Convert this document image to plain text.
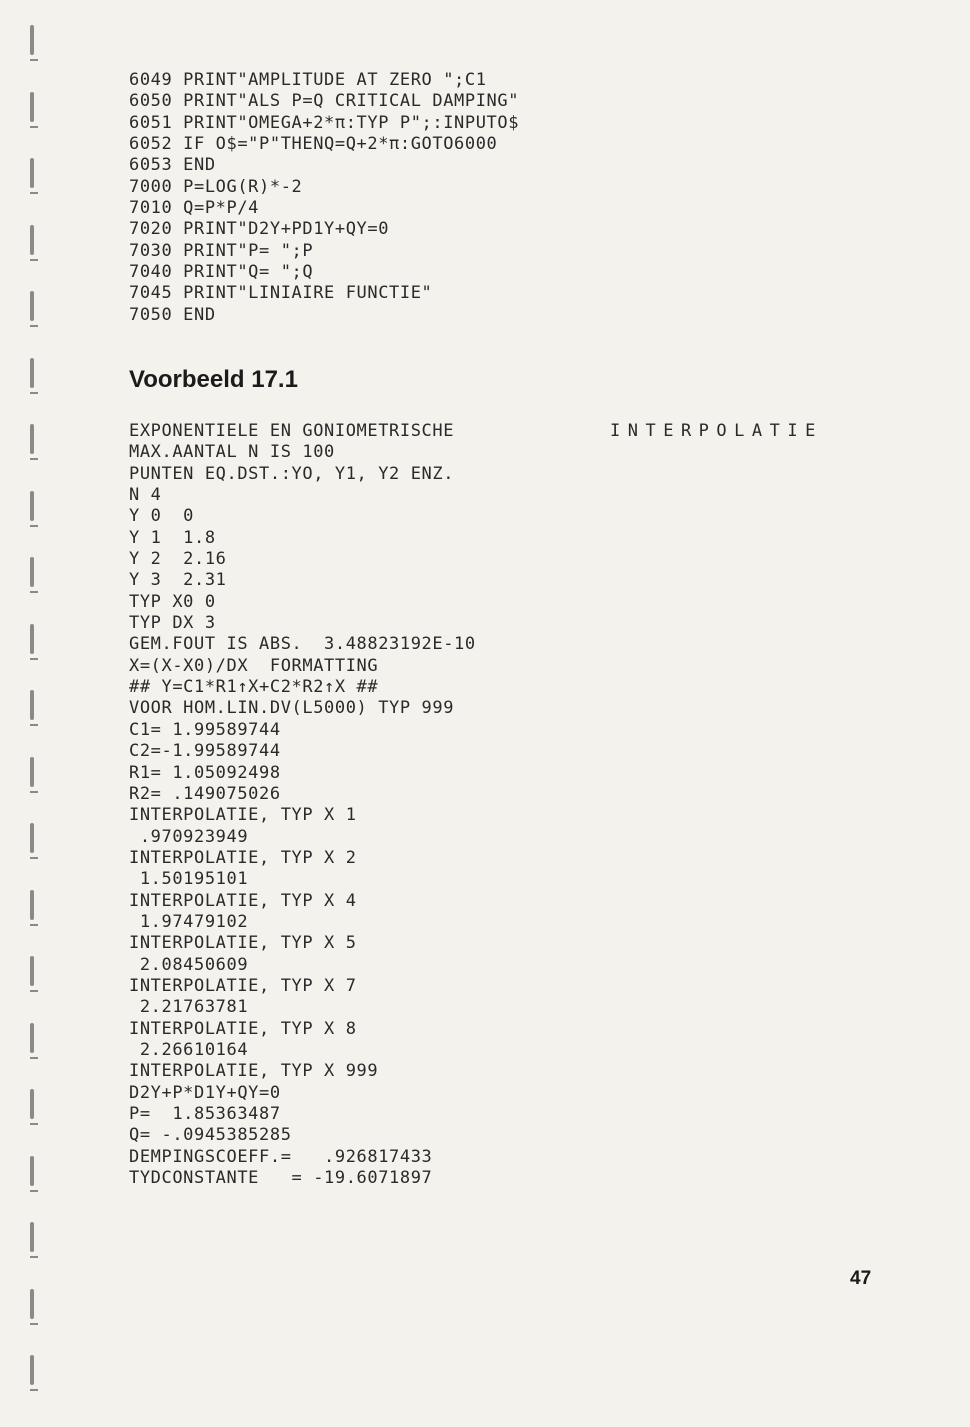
6049 PRINT"AMPLITUDE AT ZERO ";C1
6050 PRINT"ALS P=Q CRITICAL DAMPING"
6051 PRINT"OMEGA+2*π:TYP P";:INPUTO$
6052 IF O$="P"THENQ=Q+2*π:GOTO6000
6053 END
7000 P=LOG(R)*-2
7010 Q=P*P/4
7020 PRINT"D2Y+PD1Y+QY=0
7030 PRINT"P= ";P
7040 PRINT"Q= ";Q
7045 PRINT"LINIAIRE FUNCTIE"
7050 END
Voorbeeld 17.1
INTERPOLATIE
EXPONENTIELE EN GONIOMETRISCHE
MAX.AANTAL N IS 100
PUNTEN EQ.DST.:YO, Y1, Y2 ENZ.
N 4
Y 0  0
Y 1  1.8
Y 2  2.16
Y 3  2.31
TYP X0 0
TYP DX 3
GEM.FOUT IS ABS.  3.48823192E-10
X=(X-X0)/DX  FORMATTING
## Y=C1*R1↑X+C2*R2↑X ##
VOOR HOM.LIN.DV(L5000) TYP 999
C1= 1.99589744
C2=-1.99589744
R1= 1.05092498
R2= .149075026
INTERPOLATIE, TYP X 1
.970923949
INTERPOLATIE, TYP X 2
1.50195101
INTERPOLATIE, TYP X 4
1.97479102
INTERPOLATIE, TYP X 5
2.08450609
INTERPOLATIE, TYP X 7
2.21763781
INTERPOLATIE, TYP X 8
2.26610164
INTERPOLATIE, TYP X 999
D2Y+P*D1Y+QY=0
P=  1.85363487
Q= -.0945385285
DEMPINGSCOEFF.=   .926817433
TYDCONSTANTE   = -19.6071897
47
